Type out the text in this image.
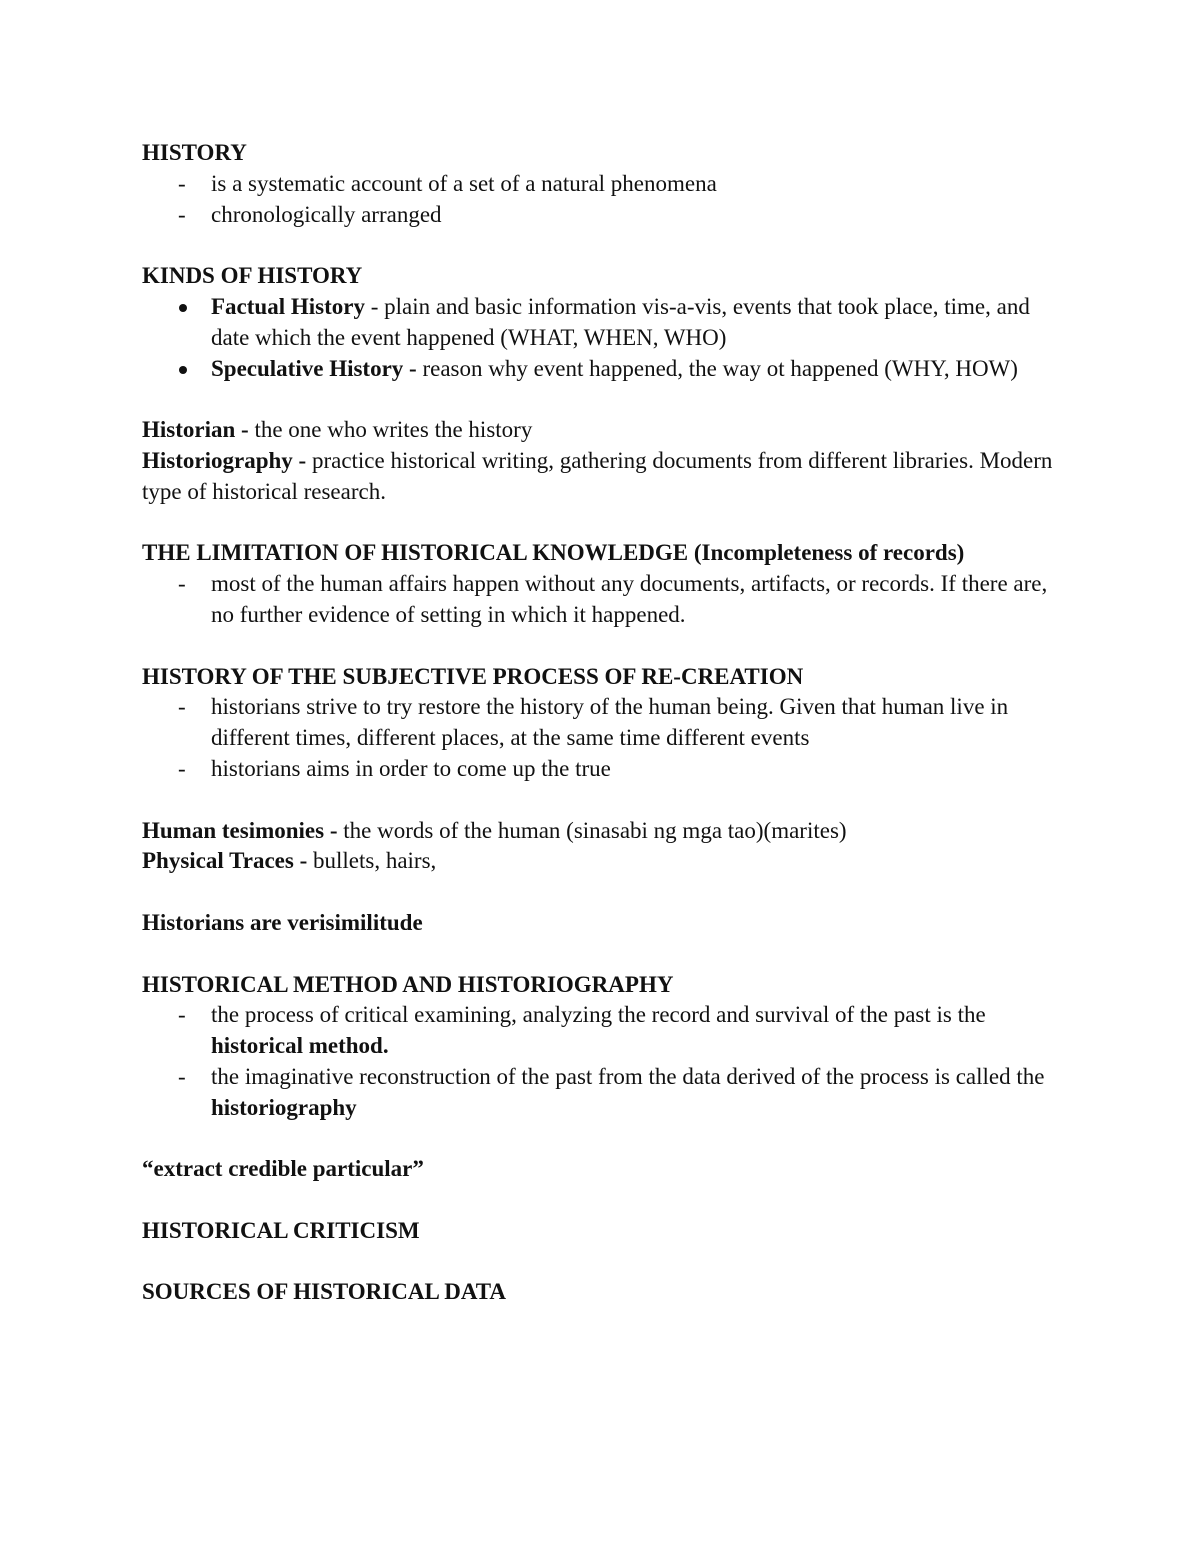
HISTORY
- is a systematic account of a set of a natural phenomena
- chronologically arranged
KINDS OF HISTORY
Factual History - plain and basic information vis-a-vis, events that took place, time, and date which the event happened (WHAT, WHEN, WHO)
Speculative History - reason why event happened, the way ot happened (WHY, HOW)
Historian - the one who writes the history
Historiography - practice historical writing, gathering documents from different libraries. Modern type of historical research.
THE LIMITATION OF HISTORICAL KNOWLEDGE (Incompleteness of records)
- most of the human affairs happen without any documents, artifacts, or records. If there are, no further evidence of setting in which it happened.
HISTORY OF THE SUBJECTIVE PROCESS OF RE-CREATION
- historians strive to try restore the history of the human being. Given that human live in different times, different places, at the same time different events
- historians aims in order to come up the true
Human tesimonies - the words of the human (sinasabi ng mga tao)(marites)
Physical Traces - bullets, hairs,
Historians are verisimilitude
HISTORICAL METHOD AND HISTORIOGRAPHY
- the process of critical examining, analyzing the record and survival of the past is the historical method.
- the imaginative reconstruction of the past from the data derived of the process is called the historiography
“extract credible particular”
HISTORICAL CRITICISM
SOURCES OF HISTORICAL DATA
